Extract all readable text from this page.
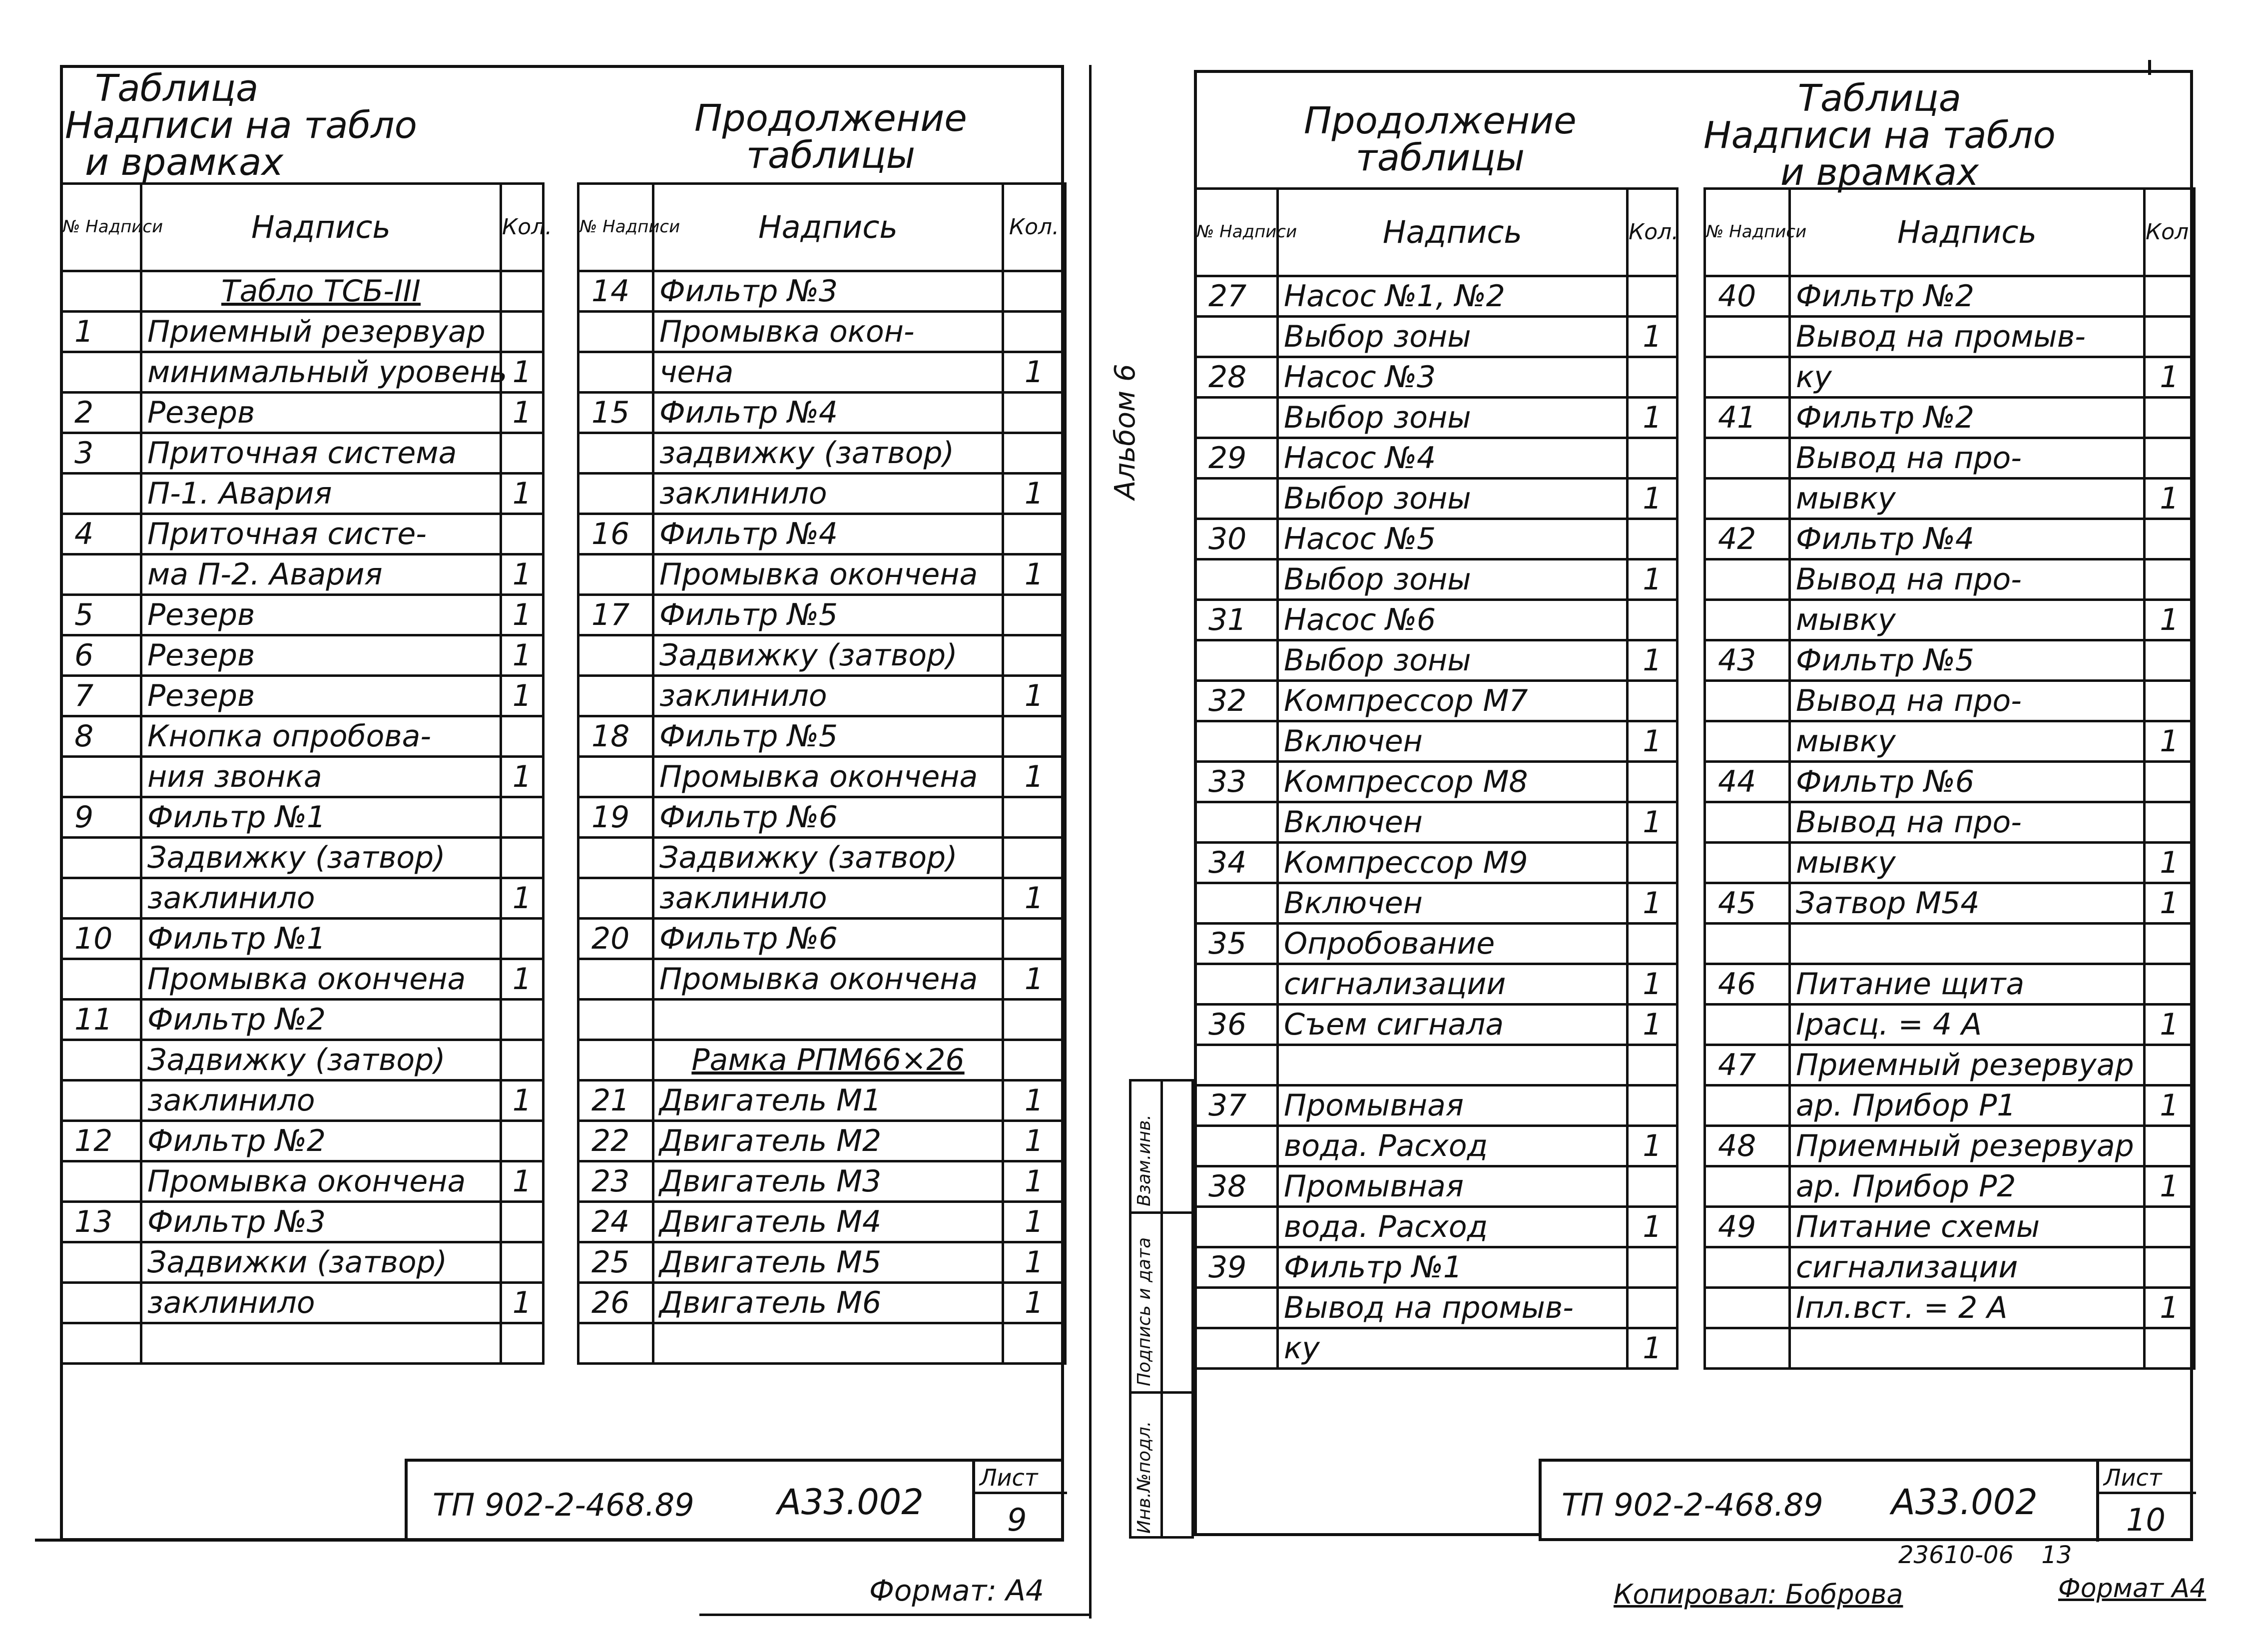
Таблица
Надписи на табло
и врамках
Продолжение
таблицы
№ Надписи	Надпись	Кол.
	Табло ТСБ-III	
1	Приемный резервуар	
	минимальный уровень	1
2	Резерв	1
3	Приточная система	
	П-1. Авария	1
4	Приточная систе-	
	ма П-2. Авария	1
5	Резерв	1
6	Резерв	1
7	Резерв	1
8	Кнопка опробова-	
	ния звонка	1
9	Фильтр №1	
	Задвижку (затвор)	
	заклинило	1
10	Фильтр №1	
	Промывка окончена	1
11	Фильтр №2	
	Задвижку (затвор)	
	заклинило	1
12	Фильтр №2	
	Промывка окончена	1
13	Фильтр №3	
	Задвижки (затвор)	
	заклинило	1

№ Надписи	Надпись	Кол.
14	Фильтр №3	
	Промывка окон-	
	чена	1
15	Фильтр №4	
	задвижку (затвор)	
	заклинило	1
16	Фильтр №4	
	Промывка окончена	1
17	Фильтр №5	
	Задвижку (затвор)	
	заклинило	1
18	Фильтр №5	
	Промывка окончена	1
19	Фильтр №6	
	Задвижку (затвор)	
	заклинило	1
20	Фильтр №6	
	Промывка окончена	1

	Рамка РПМ66×26	
21	Двигатель М1	1
22	Двигатель М2	1
23	Двигатель М3	1
24	Двигатель М4	1
25	Двигатель М5	1
26	Двигатель М6	1

ТП 902-2-468.89 А33.002
Лист
9
Формат: А4
Альбом 6
Продолжение
таблицы
Таблица
Надписи на табло
и врамках
№ Надписи	Надпись	Кол.
27	Насос №1, №2	
	Выбор зоны	1
28	Насос №3	
	Выбор зоны	1
29	Насос №4	
	Выбор зоны	1
30	Насос №5	
	Выбор зоны	1
31	Насос №6	
	Выбор зоны	1
32	Компрессор М7	
	Включен	1
33	Компрессор М8	
	Включен	1
34	Компрессор М9	
	Включен	1
35	Опробование	
	сигнализации	1
36	Съем сигнала	1

37	Промывная	
	вода. Расход	1
38	Промывная	
	вода. Расход	1
39	Фильтр №1	
	Вывод на промыв-	
	ку	1
№ Надписи	Надпись	Кол.
40	Фильтр №2	
	Вывод на промыв-	
	ку	1
41	Фильтр №2	
	Вывод на про-	
	мывку	1
42	Фильтр №4	
	Вывод на про-	
	мывку	1
43	Фильтр №5	
	Вывод на про-	
	мывку	1
44	Фильтр №6	
	Вывод на про-	
	мывку	1
45	Затвор М54	1

46	Питание щита	
	Iрасц. = 4 А	1
47	Приемный резервуар	
	ар. Прибор Р1	1
48	Приемный резервуар	
	ар. Прибор Р2	1
49	Питание схемы	
	сигнализации	
	Iпл.вст. = 2 А	1

Инв.№подл.
Подпись и дата
Взам.инв.
ТП 902-2-468.89 А33.002
Лист
10
23610-06 13
Копировал: Боброва	Формат А4
